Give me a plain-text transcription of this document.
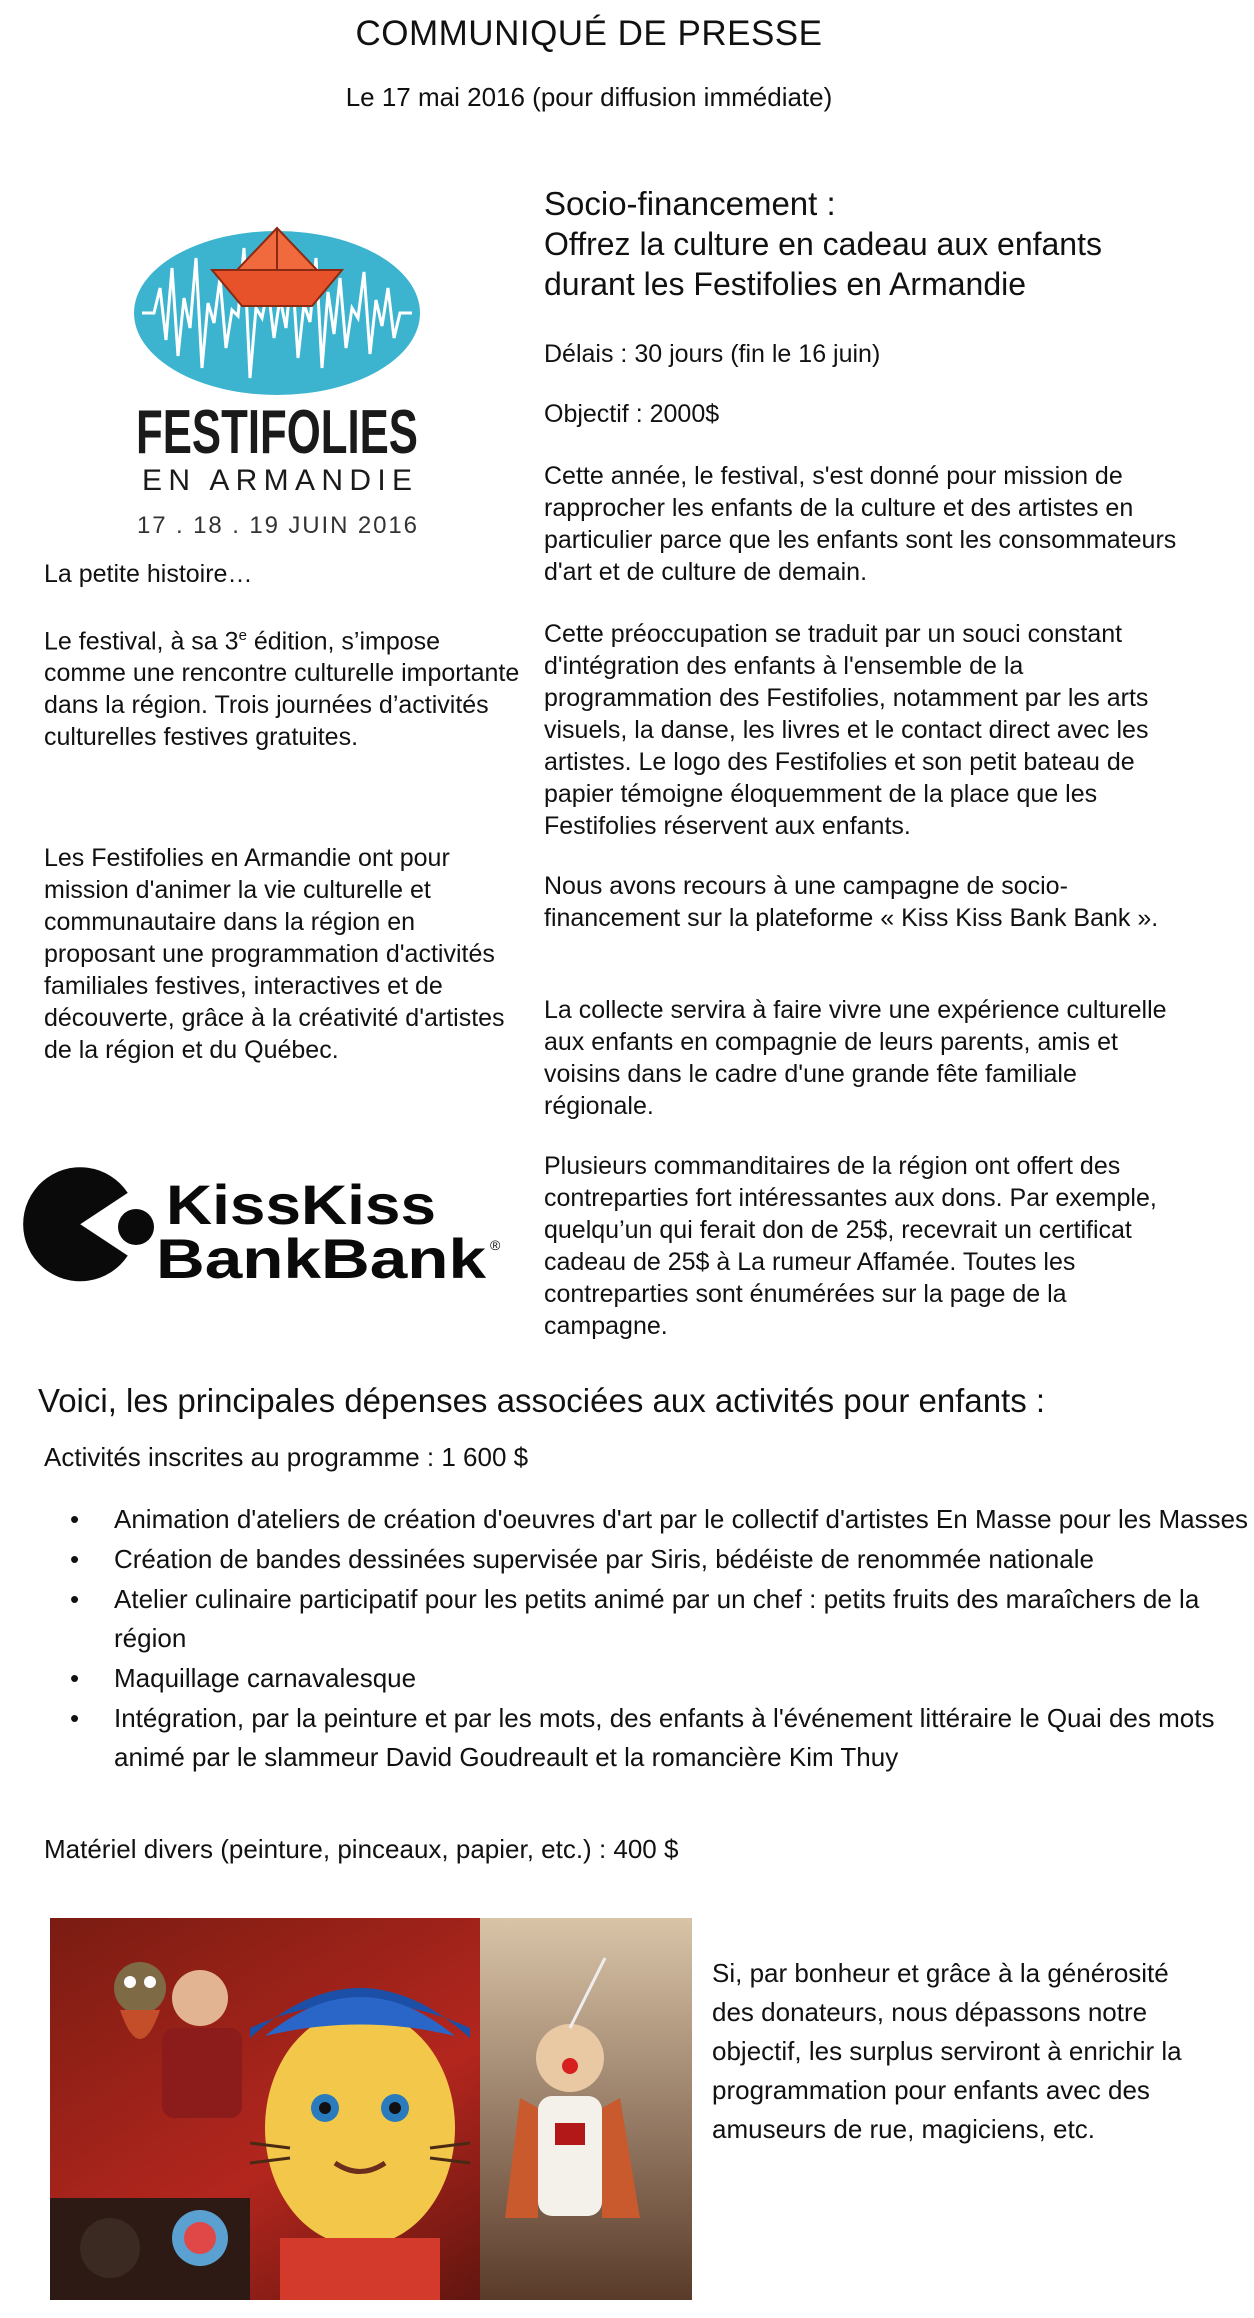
COMMUNIQUÉ DE PRESSE
Le 17 mai 2016 (pour diffusion immédiate)
FESTIFOLIES
EN ARMANDIE
17 . 18 . 19 JUIN 2016
La petite histoire…

Le festival, à sa 3e édition, s’impose comme une rencontre culturelle importante dans la région. Trois journées d’activités culturelles festives gratuites.

Les Festifolies en Armandie ont pour mission d'animer la vie culturelle et communautaire dans la région en proposant une programmation d'activités familiales festives, interactives et de découverte, grâce à la créativité d'artistes de la région et du Québec.

KissKiss
BankBank ®
Socio-financement :
Offrez la culture en cadeau aux enfants durant les Festifolies en Armandie
Délais : 30 jours (fin le 16 juin)
Objectif : 2000$

Cette année, le festival, s'est donné pour mission de rapprocher les enfants de la culture et des artistes en particulier parce que les enfants sont les consommateurs d'art et de culture de demain.

Cette préoccupation se traduit par un souci constant d'intégration des enfants à l'ensemble de la programmation des Festifolies, notamment par les arts visuels, la danse, les livres et le contact direct avec les artistes. Le logo des Festifolies et son petit bateau de papier témoigne éloquemment de la place que les Festifolies réservent aux enfants.

Nous avons recours à une campagne de socio-financement sur la plateforme « Kiss Kiss Bank Bank ».

La collecte servira à faire vivre une expérience culturelle aux enfants en compagnie de leurs parents, amis et voisins dans le cadre d'une grande fête familiale régionale.

Plusieurs commanditaires de la région ont offert des contreparties fort intéressantes aux dons. Par exemple, quelqu’un qui ferait don de 25$, recevrait un certificat cadeau de 25$ à La rumeur Affamée. Toutes les contreparties sont énumérées sur la page de la campagne.

Voici, les principales dépenses associées aux activités pour enfants :
Activités inscrites au programme : 1 600 $
• Animation d'ateliers de création d'oeuvres d'art par le collectif d'artistes En Masse pour les Masses
• Création de bandes dessinées supervisée par Siris, bédéiste de renommée nationale
• Atelier culinaire participatif pour les petits animé par un chef : petits fruits des maraîchers de la région
• Maquillage carnavalesque
• Intégration, par la peinture et par les mots, des enfants à l'événement littéraire le Quai des mots animé par le slammeur David Goudreault et la romancière Kim Thuy
Matériel divers (peinture, pinceaux, papier, etc.) : 400 $
Si, par bonheur et grâce à la générosité des donateurs, nous dépassons notre objectif, les surplus serviront à enrichir la programmation pour enfants avec des amuseurs de rue, magiciens, etc.
